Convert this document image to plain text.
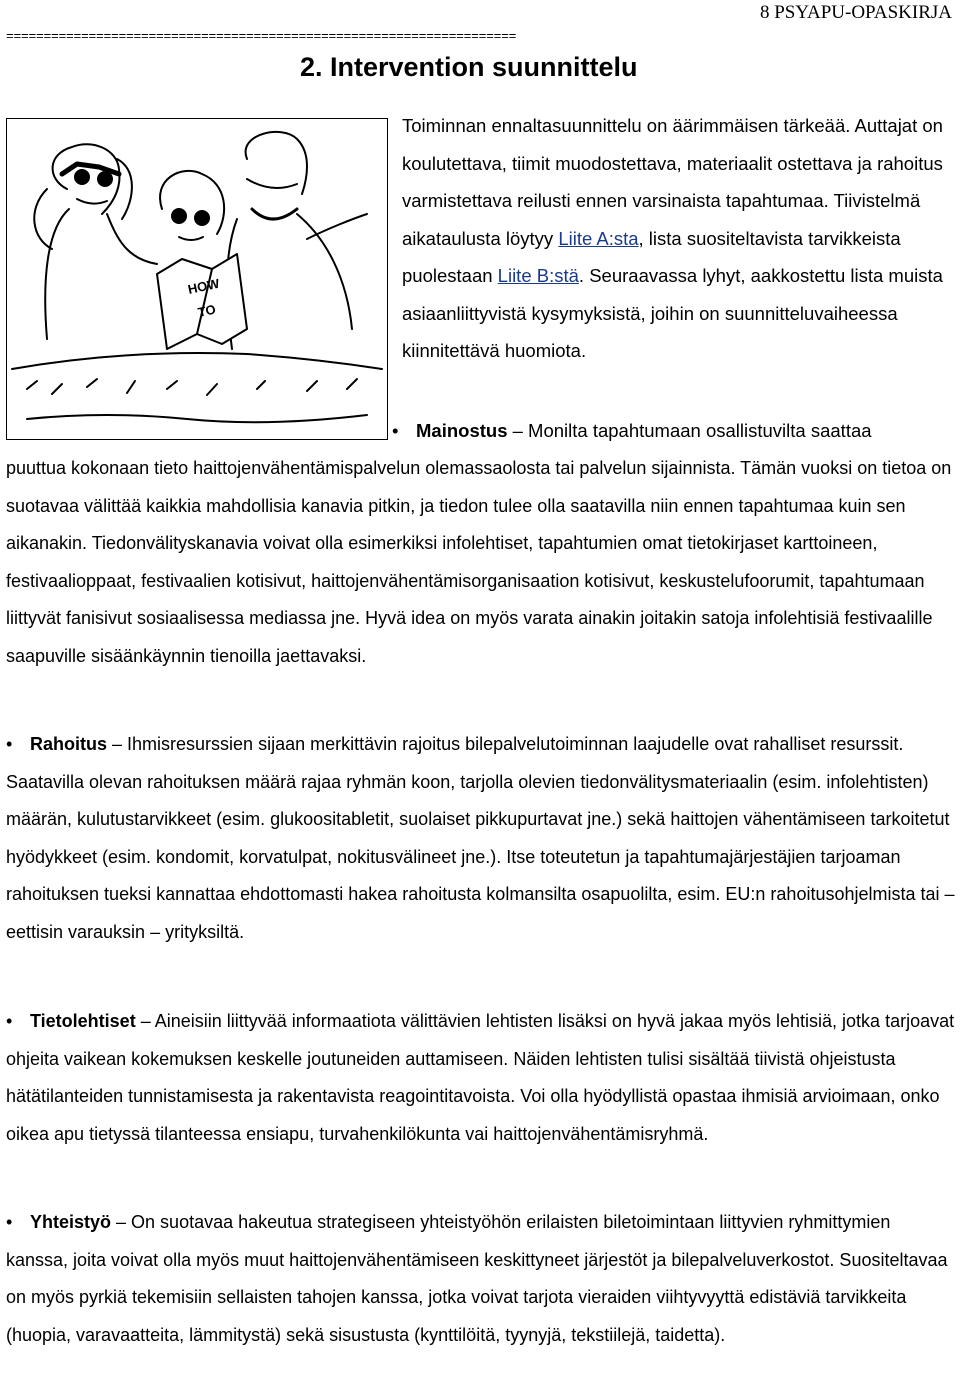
8 PSYAPU-OPASKIRJA
====================================================================
2. Intervention suunnittelu
HOW
TO

Toiminnan ennaltasuunnittelu on äärimmäisen tärkeää. Auttajat on koulutettava, tiimit muodostettava, materiaalit ostettava ja rahoitus varmistettava reilusti ennen varsinaista tapahtumaa. Tiivistelmä aikataulusta löytyy Liite A:sta, lista suositeltavista tarvikkeista puolestaan Liite B:stä. Seuraavassa lyhyt, aakkostettu lista muista asiaanliittyvistä kysymyksistä, joihin on suunnitteluvaiheessa kiinnitettävä huomiota.

• Mainostus – Monilta tapahtumaan osallistuvilta saattaa

puuttua kokonaan tieto haittojenvähentämispalvelun olemassaolosta tai palvelun sijainnista. Tämän vuoksi on tietoa on suotavaa välittää kaikkia mahdollisia kanavia pitkin, ja tiedon tulee olla saatavilla niin ennen tapahtumaa kuin sen aikanakin. Tiedonvälityskanavia voivat olla esimerkiksi infolehtiset, tapahtumien omat tietokirjaset karttoineen, festivaalioppaat, festivaalien kotisivut, haittojenvähentämisorganisaation kotisivut, keskustelufoorumit, tapahtumaan liittyvät fanisivut sosiaalisessa mediassa jne. Hyvä idea on myös varata ainakin joitakin satoja infolehtisiä festivaalille saapuville sisäänkäynnin tienoilla jaettavaksi.

• Rahoitus – Ihmisresurssien sijaan merkittävin rajoitus bilepalvelutoiminnan laajudelle ovat rahalliset resurssit. Saatavilla olevan rahoituksen määrä rajaa ryhmän koon, tarjolla olevien tiedonvälitysmateriaalin (esim. infolehtisten) määrän, kulutustarvikkeet (esim. glukoositabletit, suolaiset pikkupurtavat jne.) sekä haittojen vähentämiseen tarkoitetut hyödykkeet (esim. kondomit, korvatulpat, nokitusvälineet jne.). Itse toteutetun ja tapahtumajärjestäjien tarjoaman rahoituksen tueksi kannattaa ehdottomasti hakea rahoitusta kolmansilta osapuolilta, esim. EU:n rahoitusohjelmista tai – eettisin varauksin – yrityksiltä.
• Tietolehtiset – Aineisiin liittyvää informaatiota välittävien lehtisten lisäksi on hyvä jakaa myös lehtisiä, jotka tarjoavat ohjeita vaikean kokemuksen keskelle joutuneiden auttamiseen. Näiden lehtisten tulisi sisältää tiivistä ohjeistusta hätätilanteiden tunnistamisesta ja rakentavista reagointitavoista. Voi olla hyödyllistä opastaa ihmisiä arvioimaan, onko oikea apu tietyssä tilanteessa ensiapu, turvahenkilökunta vai haittojenvähentämisryhmä.
• Yhteistyö – On suotavaa hakeutua strategiseen yhteistyöhön erilaisten biletoimintaan liittyvien ryhmittymien kanssa, joita voivat olla myös muut haittojenvähentämiseen keskittyneet järjestöt ja bilepalveluverkostot. Suositeltavaa on myös pyrkiä tekemisiin sellaisten tahojen kanssa, jotka voivat tarjota vieraiden viihtyvyyttä edistäviä tarvikkeita (huopia, varavaatteita, lämmitystä) sekä sisustusta (kynttilöitä, tyynyjä, tekstiilejä, taidetta).
